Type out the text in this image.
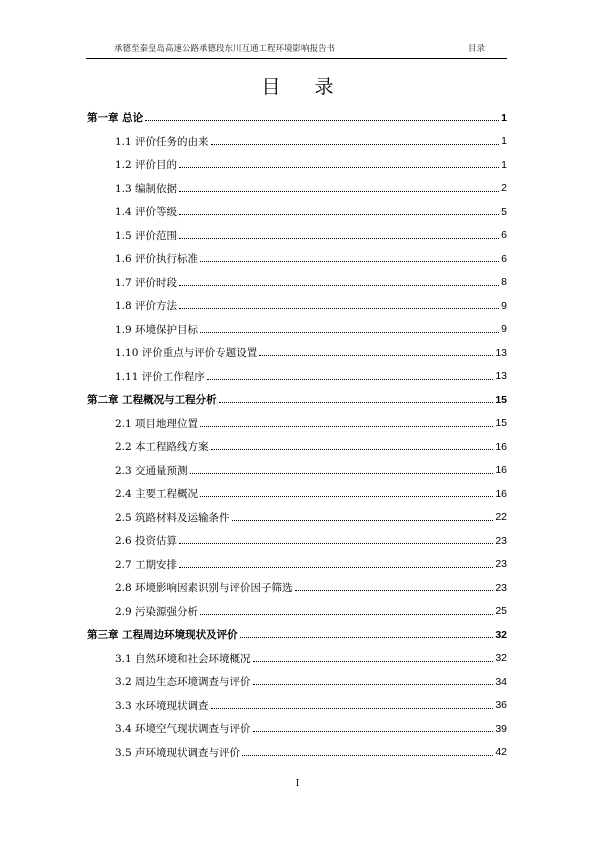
承德至秦皇岛高速公路承德段东川互通工程环境影响报告书	目录
目 录
第一章 总论	1
1.1 评价任务的由来	1
1.2 评价目的	1
1.3 编制依据	2
1.4 评价等级	5
1.5 评价范围	6
1.6 评价执行标准	6
1.7 评价时段	8
1.8 评价方法	9
1.9 环境保护目标	9
1.10 评价重点与评价专题设置	13
1.11 评价工作程序	13
第二章 工程概况与工程分析	15
2.1 项目地理位置	15
2.2 本工程路线方案	16
2.3 交通量预测	16
2.4 主要工程概况	16
2.5 筑路材料及运输条件	22
2.6 投资估算	23
2.7 工期安排	23
2.8 环境影响因素识别与评价因子筛选	23
2.9 污染源强分析	25
第三章 工程周边环境现状及评价	32
3.1 自然环境和社会环境概况	32
3.2 周边生态环境调查与评价	34
3.3 水环境现状调查	36
3.4 环境空气现状调查与评价	39
3.5 声环境现状调查与评价	42
I
